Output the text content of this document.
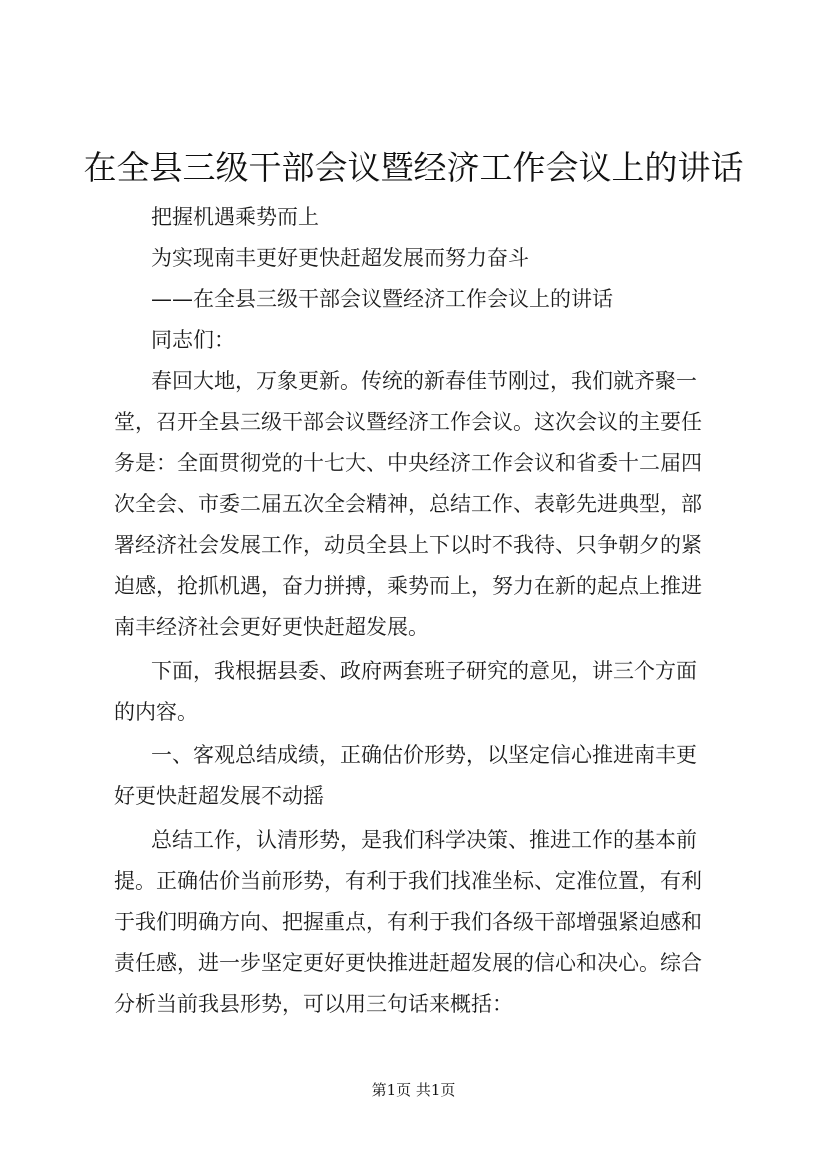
在全县三级干部会议暨经济工作会议上的讲话
把握机遇乘势而上
为实现南丰更好更快赶超发展而努力奋斗
——在全县三级干部会议暨经济工作会议上的讲话
同志们：
春回大地，万象更新。传统的新春佳节刚过，我们就齐聚一
堂，召开全县三级干部会议暨经济工作会议。这次会议的主要任
务是：全面贯彻党的十七大、中央经济工作会议和省委十二届四
次全会、市委二届五次全会精神，总结工作、表彰先进典型，部
署经济社会发展工作，动员全县上下以时不我待、只争朝夕的紧
迫感，抢抓机遇，奋力拼搏，乘势而上，努力在新的起点上推进
南丰经济社会更好更快赶超发展。
下面，我根据县委、政府两套班子研究的意见，讲三个方面
的内容。
一、客观总结成绩，正确估价形势，以坚定信心推进南丰更
好更快赶超发展不动摇
总结工作，认清形势，是我们科学决策、推进工作的基本前
提。正确估价当前形势，有利于我们找准坐标、定准位置，有利
于我们明确方向、把握重点，有利于我们各级干部增强紧迫感和
责任感，进一步坚定更好更快推进赶超发展的信心和决心。综合
分析当前我县形势，可以用三句话来概括：
第1页 共1页
